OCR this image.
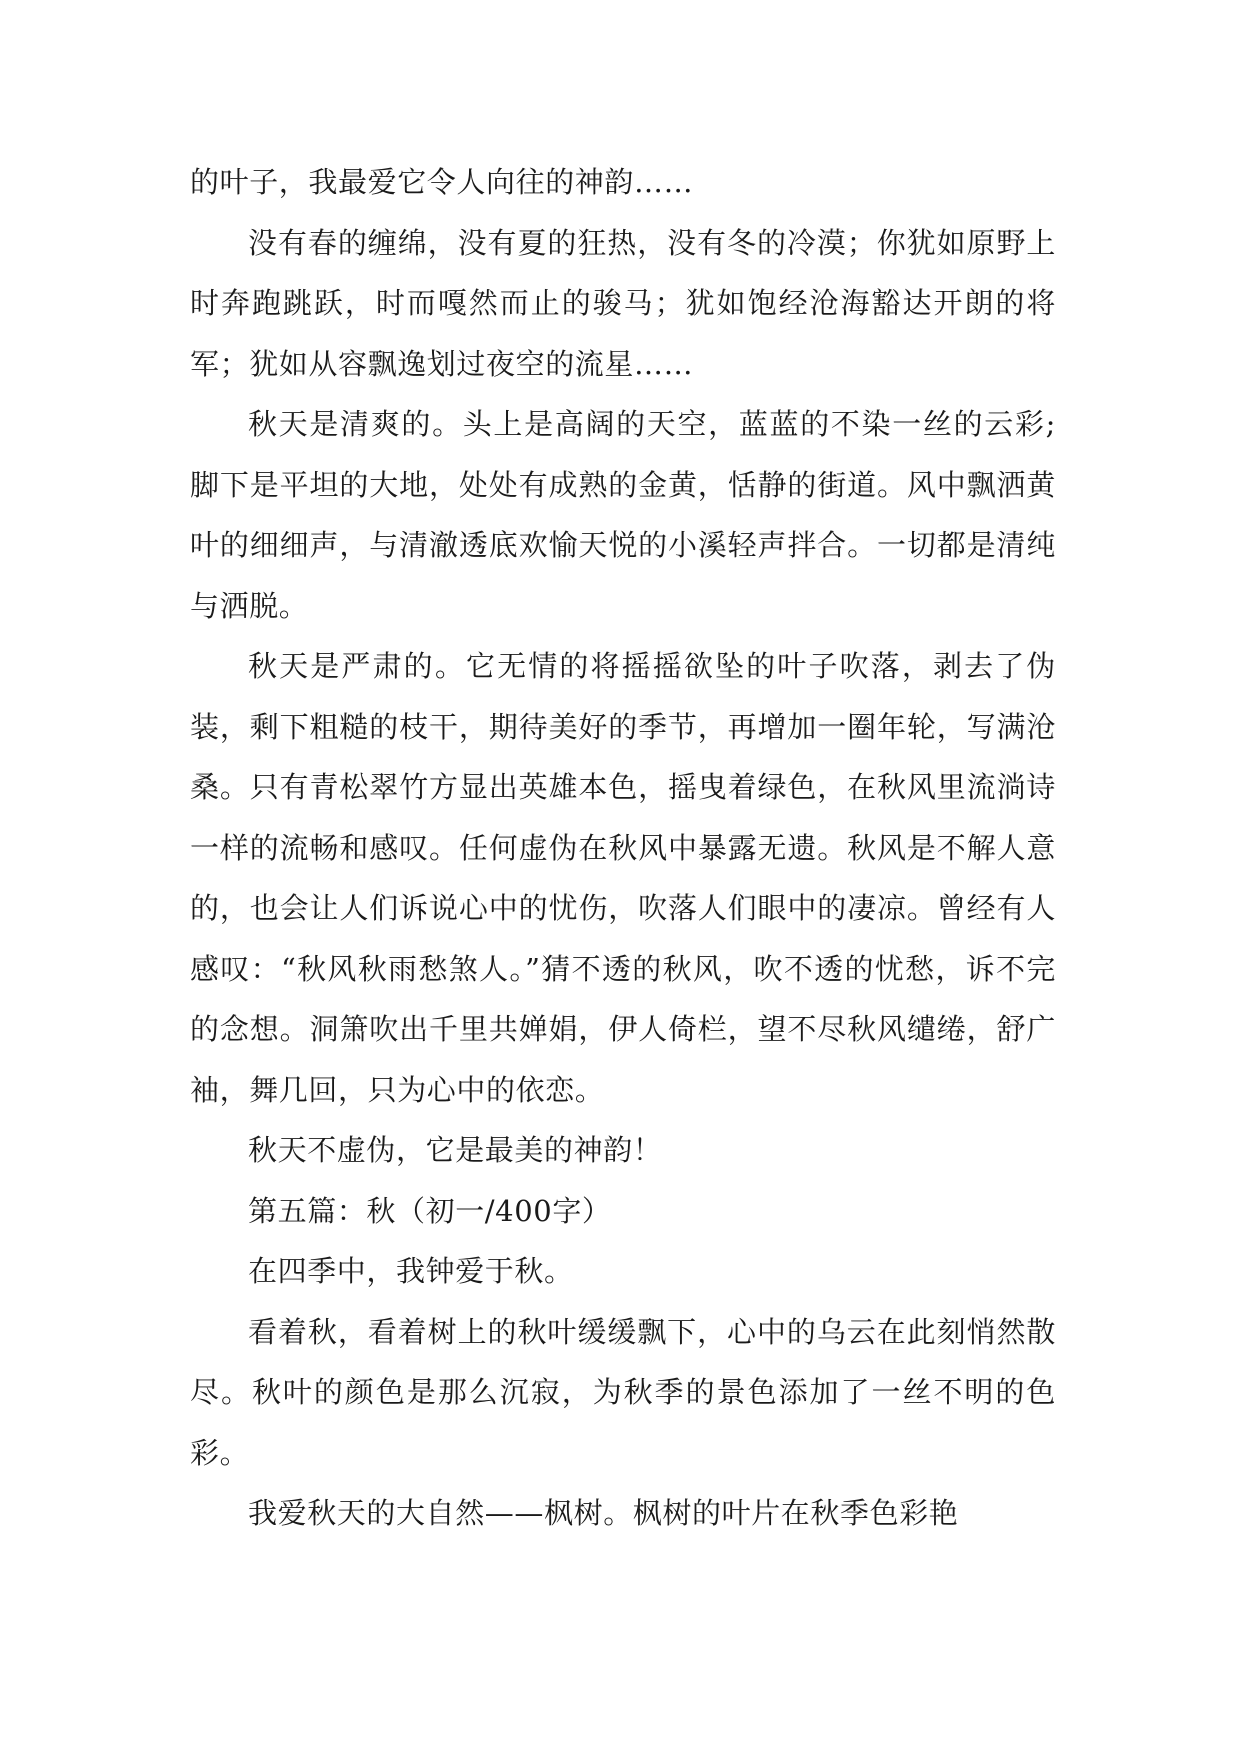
的叶子，我最爱它令人向往的神韵……

没有春的缠绵，没有夏的狂热，没有冬的冷漠；你犹如原野上时奔跑跳跃，时而嘎然而止的骏马；犹如饱经沧海豁达开朗的将军；犹如从容飘逸划过夜空的流星……

秋天是清爽的。头上是高阔的天空，蓝蓝的不染一丝的云彩;脚下是平坦的大地，处处有成熟的金黄，恬静的街道。风中飘洒黄叶的细细声，与清澈透底欢愉天悦的小溪轻声拌合。一切都是清纯与洒脱。

秋天是严肃的。它无情的将摇摇欲坠的叶子吹落，剥去了伪装，剩下粗糙的枝干，期待美好的季节，再增加一圈年轮，写满沧桑。只有青松翠竹方显出英雄本色，摇曳着绿色，在秋风里流淌诗一样的流畅和感叹。任何虚伪在秋风中暴露无遗。秋风是不解人意的，也会让人们诉说心中的忧伤，吹落人们眼中的凄凉。曾经有人感叹：“秋风秋雨愁煞人。”猜不透的秋风，吹不透的忧愁，诉不完的念想。洞箫吹出千里共婵娟，伊人倚栏，望不尽秋风缱绻，舒广袖，舞几回，只为心中的依恋。

秋天不虚伪，它是最美的神韵！

第五篇：秋（初一/400字）

在四季中，我钟爱于秋。

看着秋，看着树上的秋叶缓缓飘下，心中的乌云在此刻悄然散尽。秋叶的颜色是那么沉寂，为秋季的景色添加了一丝不明的色彩。

我爱秋天的大自然——枫树。枫树的叶片在秋季色彩艳
